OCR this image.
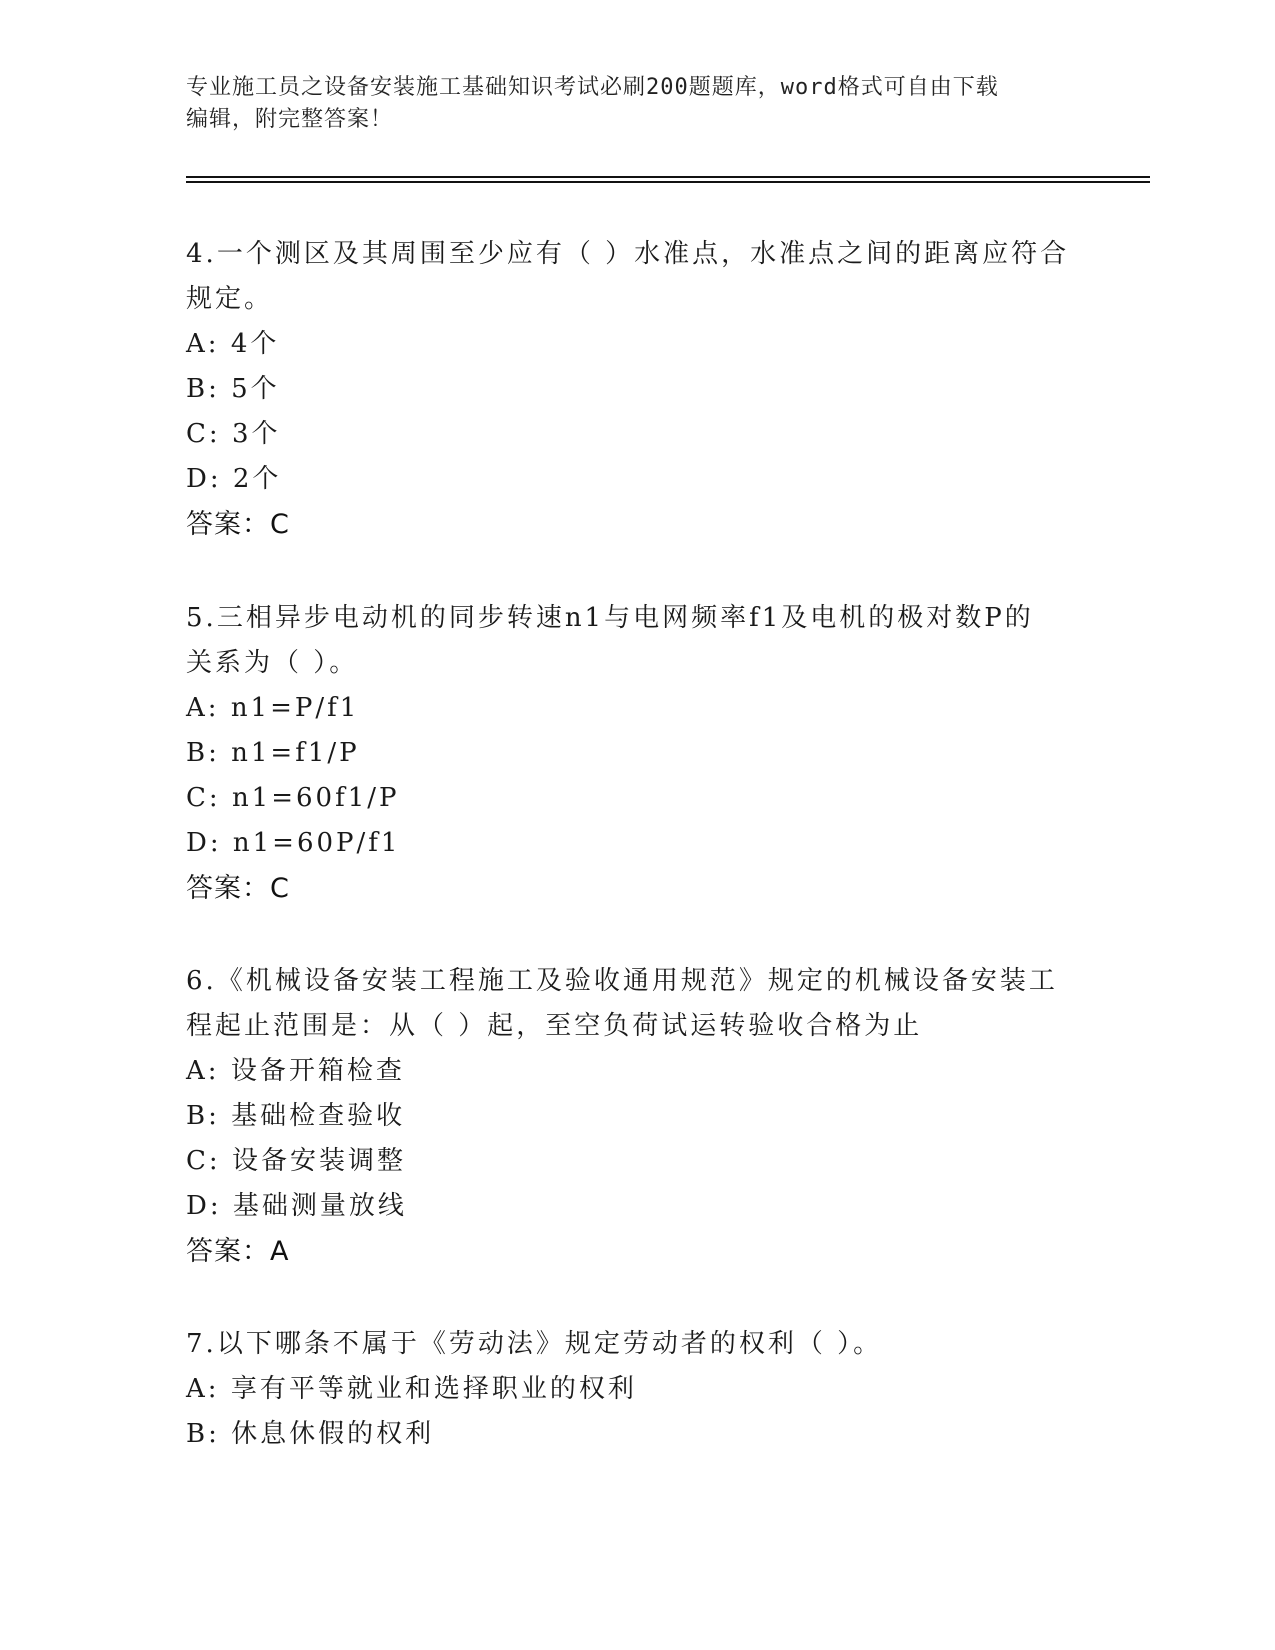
专业施工员之设备安装施工基础知识考试必刷200题题库，word格式可自由下载
编辑，附完整答案！

4.一个测区及其周围至少应有（ ）水准点，水准点之间的距离应符合
规定。

A: 4个

B: 5个

C: 3个

D: 2个

答案：C

5.三相异步电动机的同步转速n1与电网频率f1及电机的极对数P的
关系为（ ）。

A: n1=P/f1

B: n1=f1/P

C: n1=60f1/P

D: n1=60P/f1

答案：C

6.《机械设备安装工程施工及验收通用规范》规定的机械设备安装工
程起止范围是：从（ ）起，至空负荷试运转验收合格为止

A: 设备开箱检查

B: 基础检查验收

C: 设备安装调整

D: 基础测量放线

答案：A

7.以下哪条不属于《劳动法》规定劳动者的权利（ ）。

A: 享有平等就业和选择职业的权利

B: 休息休假的权利
